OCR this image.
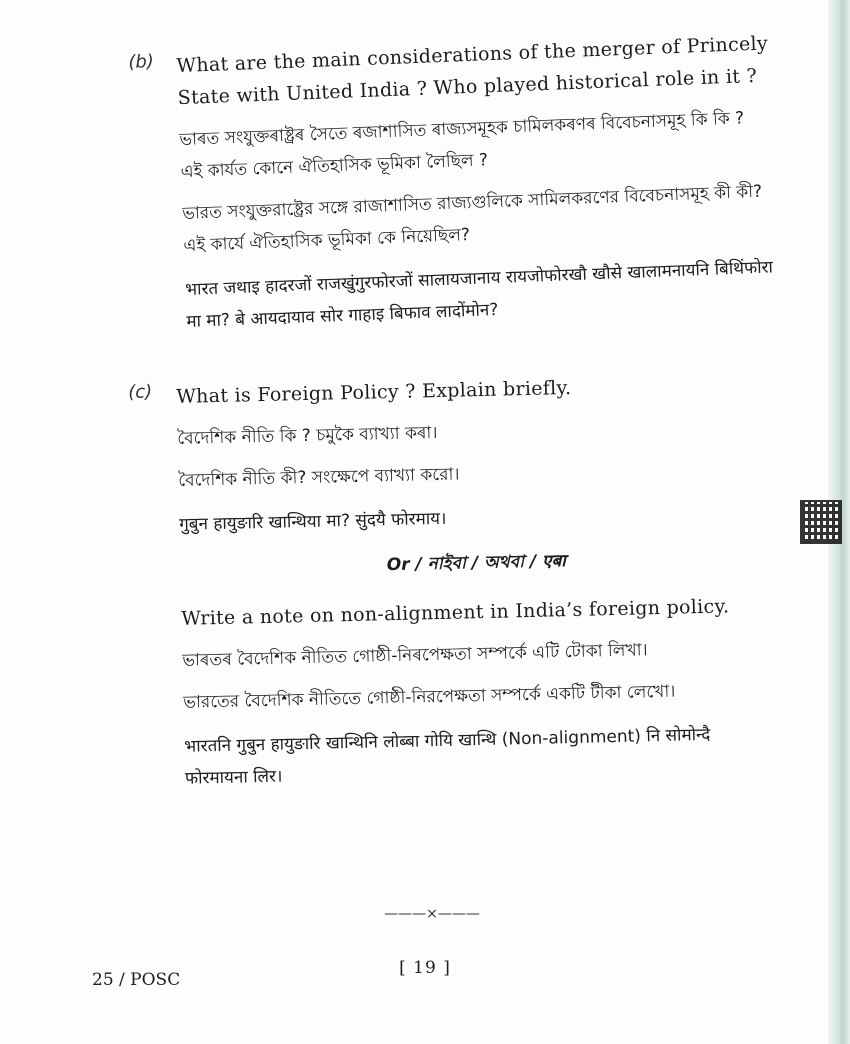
(b) What are the main considerations of the merger of Princely State with United India ? Who played historical role in it ?

ভাৰত সংযুক্তৰাষ্ট্ৰৰ সৈতে ৰজাশাসিত ৰাজ্যসমূহক চামিলকৰণৰ বিবেচনাসমূহ কি কি ? এই কাৰ্যত কোনে ঐতিহাসিক ভূমিকা লৈছিল ?

ভারত সংযুক্তরাষ্ট্রের সঙ্গে রাজাশাসিত রাজ্যগুলিকে সামিলকরণের বিবেচনাসমূহ কী কী? এই কার্যে ঐতিহাসিক ভূমিকা কে নিয়েছিল?

भारत जथाइ हादरजों राजखुंगुरफोरजों सालायजानाय रायजोफोरखौ खौसे खालामनायनि बिथिंफोरा मा मा? बे आयदायाव सोर गाहाइ बिफाव लादोंमोन?

(c) What is Foreign Policy ? Explain briefly.

বৈদেশিক নীতি কি ? চমুকৈ ব্যাখ্যা কৰা।

বৈদেশিক নীতি কী? সংক্ষেপে ব্যাখ্যা করো।

गुबुन हायुङारि खान्थिया मा? सुंदयै फोरमाय।

Or / নাইবা / অথবা / एबा

Write a note on non-alignment in India’s foreign policy.

ভাৰতৰ বৈদেশিক নীতিত গোষ্ঠী-নিৰপেক্ষতা সম্পৰ্কে এটি টোকা লিখা।

ভারতের বৈদেশিক নীতিতে গোষ্ঠী-নিরপেক্ষতা সম্পর্কে একটি টীকা লেখো।

भारतनि गुबुन हायुङारि खान्थिनि लोब्बा गोयि खान्थि (Non-alignment) नि सोमोन्दै फोरमायना लिर।

———×———
[ 19 ]
25 / POSC
